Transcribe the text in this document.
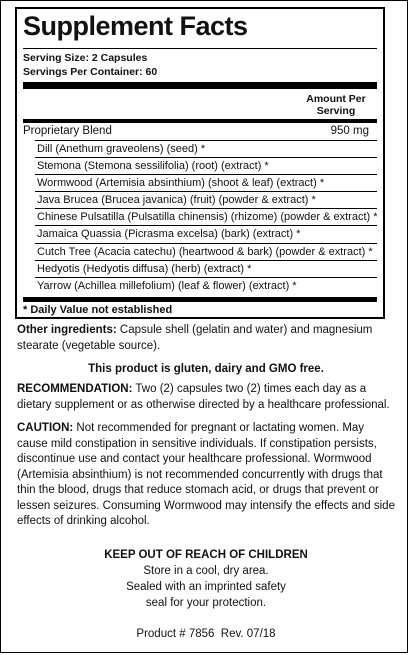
Supplement Facts
Serving Size: 2 Capsules
Servings Per Container: 60
Amount Per
Serving
Proprietary Blend	950 mg
Dill (Anethum graveolens) (seed) *
Stemona (Stemona sessilifolia) (root) (extract) *
Wormwood (Artemisia absinthium) (shoot & leaf) (extract) *
Java Brucea (Brucea javanica) (fruit) (powder & extract) *
Chinese Pulsatilla (Pulsatilla chinensis) (rhizome) (powder & extract) *
Jamaica Quassia (Picrasma excelsa) (bark) (extract) *
Cutch Tree (Acacia catechu) (heartwood & bark) (powder & extract) *
Hedyotis (Hedyotis diffusa) (herb) (extract) *
Yarrow (Achillea millefolium) (leaf & flower) (extract) *
* Daily Value not established

Other ingredients: Capsule shell (gelatin and water) and magnesium stearate (vegetable source).

This product is gluten, dairy and GMO free.

RECOMMENDATION: Two (2) capsules two (2) times each day as a dietary supplement or as otherwise directed by a healthcare professional.

CAUTION: Not recommended for pregnant or lactating women. May cause mild constipation in sensitive individuals. If constipation persists, discontinue use and contact your healthcare professional. Wormwood (Artemisia absinthium) is not recommended concurrently with drugs that thin the blood, drugs that reduce stomach acid, or drugs that prevent or lessen seizures. Consuming Wormwood may intensify the effects and side effects of drinking alcohol.

KEEP OUT OF REACH OF CHILDREN
Store in a cool, dry area.
Sealed with an imprinted safety
seal for your protection.
Product # 7856  Rev. 07/18
